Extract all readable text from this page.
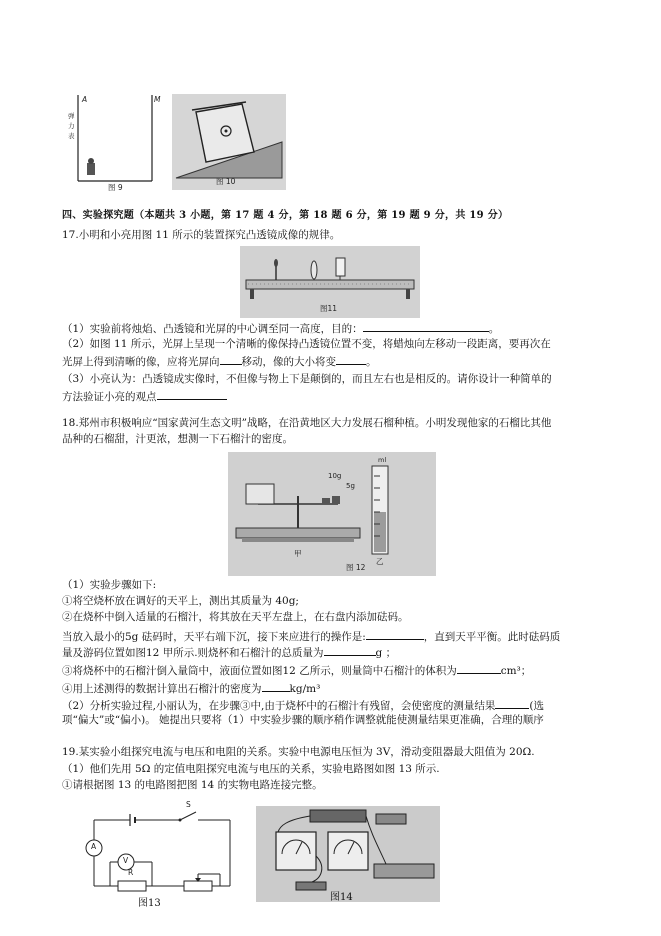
A	M
弹力表
图 9
图 10
四、实验探究题（本题共 3 小题，第 17 题 4 分，第 18 题 6 分，第 19 题 9 分，共 19 分）
17.小明和小亮用图 11 所示的装置探究凸透镜成像的规律。
图11
（1）实验前将烛焰、凸透镜和光屏的中心调至同一高度，目的：	。
（2）如图 11 所示，光屏上呈现一个清晰的像保持凸透镜位置不变，将蜡烛向左移动一段距离，要再次在
光屏上得到清晰的像，应将光屏向 移动，像的大小将变	。
（3）小亮认为：凸透镜成实像时，不但像与物上下是颠倒的，而且左右也是相反的。请你设计一种简单的
方法验证小亮的观点
18.郑州市积极响应“国家黄河生态文明”战略，在沿黄地区大力发展石榴种植。小明发现他家的石榴比其他
品种的石榴甜，汁更浓，想测一下石榴汁的密度。
10g
5g
ml
甲
乙
图 12
（1）实验步骤如下:
①将空烧杯放在调好的天平上，测出其质量为 40g;
②在烧杯中倒入适量的石榴汁，将其放在天平左盘上，在右盘内添加砝码。
当放入最小的5g 砝码时，天平右端下沉，接下来应进行的操作是:	，直到天平平衡。此时砝码质
量及游码位置如图12 甲所示.则烧杯和石榴汁的总质量为	g ；
③将烧杯中的石榴汁倒入量筒中，液面位置如图12 乙所示，则量筒中石榴汁的体积为	cm³；
④用上述测得的数据计算出石榴汁的密度为	kg/m³
（2）分析实验过程,小丽认为，在步骤③中,由于烧杯中的石榴汁有残留，会使密度的测量结果	(选
项“偏大”或“偏小)。 她提出只要将（1）中实验步骤的顺序稍作调整就能使测量结果更准确，合理的顺序
19.某实验小组探究电流与电压和电阻的关系。实验中电源电压恒为 3V，滑动变阻器最大阻值为 20Ω.
（1）他们先用 5Ω 的定值电阻探究电流与电压的关系，实验电路图如图 13 所示.
①请根据图 13 的电路图把图 14 的实物电路连接完整。
S
A
V
R
图13
图14
